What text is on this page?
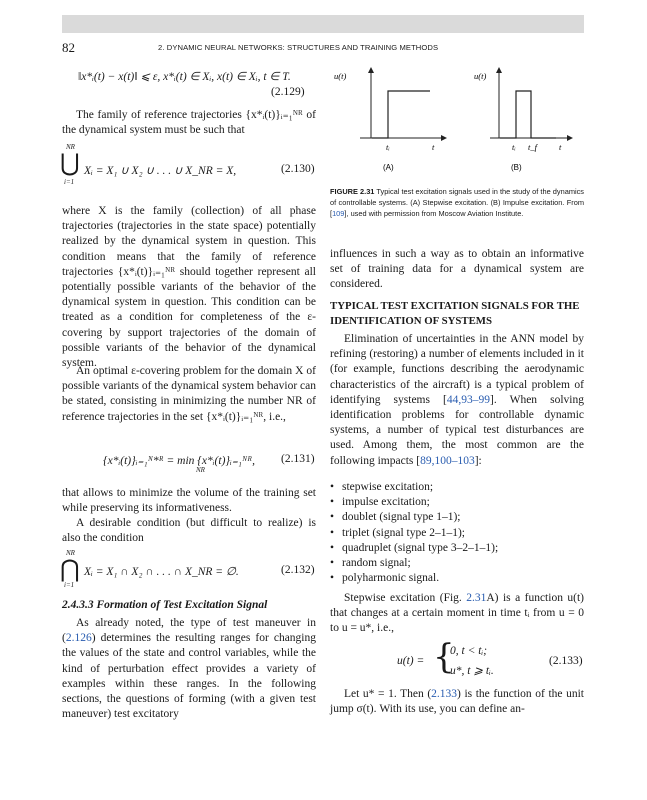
82	2. DYNAMIC NEURAL NETWORKS: STRUCTURES AND TRAINING METHODS
‖x*ᵢ(t) − x(t)‖ ⩽ ε, x*ᵢ(t) ∈ Xᵢ, x(t) ∈ Xᵢ, t ∈ T.
(2.129)

The family of reference trajectories {x*ᵢ(t)}ᵢ₌₁ᴺᴿ of the dynamical system must be such that

NR
⋃
i=1
Xᵢ = X₁ ∪ X₂ ∪ . . . ∪ X_NR = X,	(2.130)

where X is the family (collection) of all phase trajectories (trajectories in the state space) potentially realized by the dynamical system in question. This condition means that the family of reference trajectories {x*ᵢ(t)}ᵢ₌₁ᴺᴿ should together represent all potentially possible variants of the behavior of the dynamical system in question. This condition can be treated as a condition for completeness of the ε-covering by support trajectories of the domain of possible variants of the behavior of the dynamical system.

An optimal ε-covering problem for the domain X of possible variants of the dynamical system behavior can be stated, consisting in minimizing the number NR of reference trajectories in the set {x*ᵢ(t)}ᵢ₌₁ᴺᴿ, i.e.,

{x*ᵢ(t)}ᵢ₌₁ᴺ*ᴿ = min {x*ᵢ(t)}ᵢ₌₁ᴺᴿ,
NR
(2.131)

that allows to minimize the volume of the training set while preserving its informativeness.

A desirable condition (but difficult to realize) is also the condition

NR
⋂
i=1
Xᵢ = X₁ ∩ X₂ ∩ . . . ∩ X_NR = ∅.	(2.132)
2.4.3.3 Formation of Test Excitation Signal

As already noted, the type of test maneuver in (2.126) determines the resulting ranges for changing the values of the state and control variables, while the kind of perturbation effect provides a variety of examples within these ranges. In the following sections, the questions of forming (with a given test maneuver) test excitatory

u(t)
tᵢ	t
(A)
u(t)
tᵢ t_f	t
(B)
FIGURE 2.31 Typical test excitation signals used in the study of the dynamics of controllable systems. (A) Stepwise excitation. (B) Impulse excitation. From [109], used with permission from Moscow Aviation Institute.

influences in such a way as to obtain an informative set of training data for a dynamical system are considered.

TYPICAL TEST EXCITATION SIGNALS FOR THE IDENTIFICATION OF SYSTEMS

Elimination of uncertainties in the ANN model by refining (restoring) a number of elements included in it (for example, functions describing the aerodynamic characteristics of the aircraft) is a typical problem of identifying systems [44,93–99]. When solving identification problems for controllable dynamic systems, a number of typical test disturbances are used. Among them, the most common are the following impacts [89,100–103]:

• stepwise excitation;
• impulse excitation;
• doublet (signal type 1–1);
• triplet (signal type 2–1–1);
• quadruplet (signal type 3–2–1–1);
• random signal;
• polyharmonic signal.

Stepwise excitation (Fig. 2.31A) is a function u(t) that changes at a certain moment in time tᵢ from u = 0 to u = u*, i.e.,

u(t) = {
0, t < tᵢ;
u*, t ⩾ tᵢ.
(2.133)

Let u* = 1. Then (2.133) is the function of the unit jump σ(t). With its use, you can define an-
